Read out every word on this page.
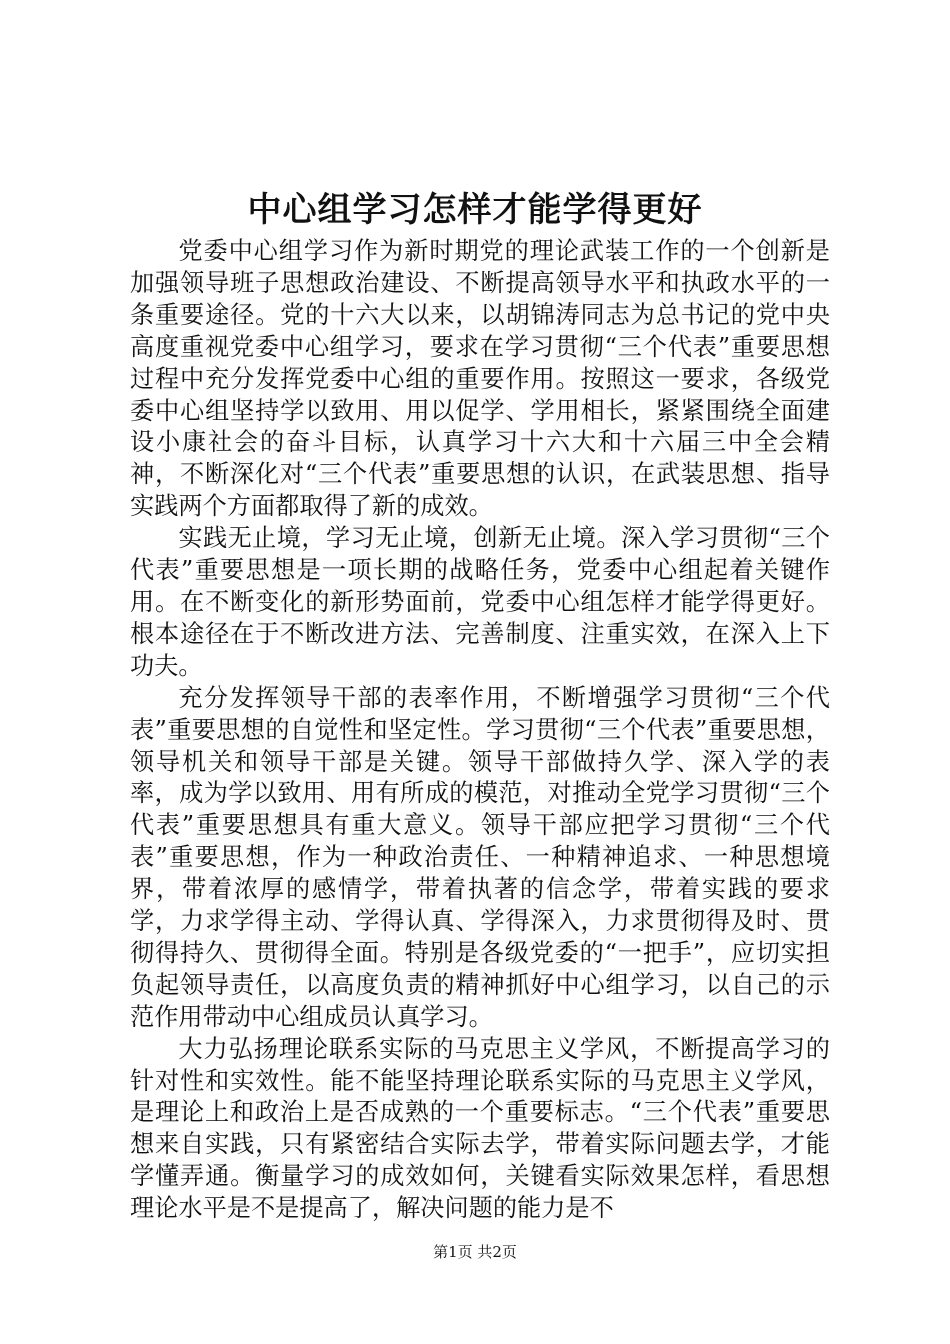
中心组学习怎样才能学得更好

党委中心组学习作为新时期党的理论武装工作的一个创新是加强领导班子思想政治建设、不断提高领导水平和执政水平的一条重要途径。党的十六大以来，以胡锦涛同志为总书记的党中央高度重视党委中心组学习，要求在学习贯彻“三个代表”重要思想过程中充分发挥党委中心组的重要作用。按照这一要求，各级党委中心组坚持学以致用、用以促学、学用相长，紧紧围绕全面建设小康社会的奋斗目标，认真学习十六大和十六届三中全会精神，不断深化对“三个代表”重要思想的认识，在武装思想、指导实践两个方面都取得了新的成效。

实践无止境，学习无止境，创新无止境。深入学习贯彻“三个代表”重要思想是一项长期的战略任务，党委中心组起着关键作用。在不断变化的新形势面前，党委中心组怎样才能学得更好。根本途径在于不断改进方法、完善制度、注重实效，在深入上下功夫。

充分发挥领导干部的表率作用，不断增强学习贯彻“三个代表”重要思想的自觉性和坚定性。学习贯彻“三个代表”重要思想，领导机关和领导干部是关键。领导干部做持久学、深入学的表率，成为学以致用、用有所成的模范，对推动全党学习贯彻“三个代表”重要思想具有重大意义。领导干部应把学习贯彻“三个代表”重要思想，作为一种政治责任、一种精神追求、一种思想境界，带着浓厚的感情学，带着执著的信念学，带着实践的要求学，力求学得主动、学得认真、学得深入，力求贯彻得及时、贯彻得持久、贯彻得全面。特别是各级党委的“一把手”，应切实担负起领导责任，以高度负责的精神抓好中心组学习，以自己的示范作用带动中心组成员认真学习。

大力弘扬理论联系实际的马克思主义学风，不断提高学习的针对性和实效性。能不能坚持理论联系实际的马克思主义学风，是理论上和政治上是否成熟的一个重要标志。“三个代表”重要思想来自实践，只有紧密结合实际去学，带着实际问题去学，才能学懂弄通。衡量学习的成效如何，关键看实际效果怎样，看思想理论水平是不是提高了，解决问题的能力是不

第1页 共2页
